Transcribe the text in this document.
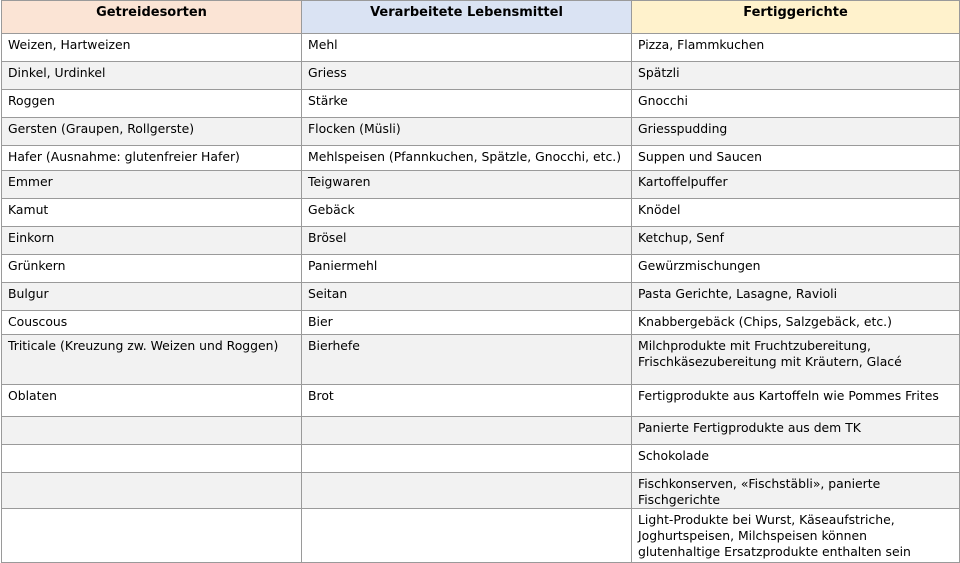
Getreidesorten	Verarbeitete Lebensmittel	Fertiggerichte
Weizen, Hartweizen	Mehl	Pizza, Flammkuchen
Dinkel, Urdinkel	Griess	Spätzli
Roggen	Stärke	Gnocchi
Gersten (Graupen, Rollgerste)	Flocken (Müsli)	Griesspudding
Hafer (Ausnahme: glutenfreier Hafer)	Mehlspeisen (Pfannkuchen, Spätzle, Gnocchi, etc.)	Suppen und Saucen
Emmer	Teigwaren	Kartoffelpuffer
Kamut	Gebäck	Knödel
Einkorn	Brösel	Ketchup, Senf
Grünkern	Paniermehl	Gewürzmischungen
Bulgur	Seitan	Pasta Gerichte, Lasagne, Ravioli
Couscous	Bier	Knabbergebäck (Chips, Salzgebäck, etc.)
Triticale (Kreuzung zw. Weizen und Roggen)	Bierhefe	Milchprodukte mit Fruchtzubereitung, Frischkäsezubereitung mit Kräutern, Glacé
Oblaten	Brot	Fertigprodukte aus Kartoffeln wie Pommes Frites
		Panierte Fertigprodukte aus dem TK
		Schokolade
		Fischkonserven, «Fischstäbli», panierte Fischgerichte
		Light-Produkte bei Wurst, Käseaufstriche, Joghurtspeisen, Milchspeisen können glutenhaltige Ersatzprodukte enthalten sein
